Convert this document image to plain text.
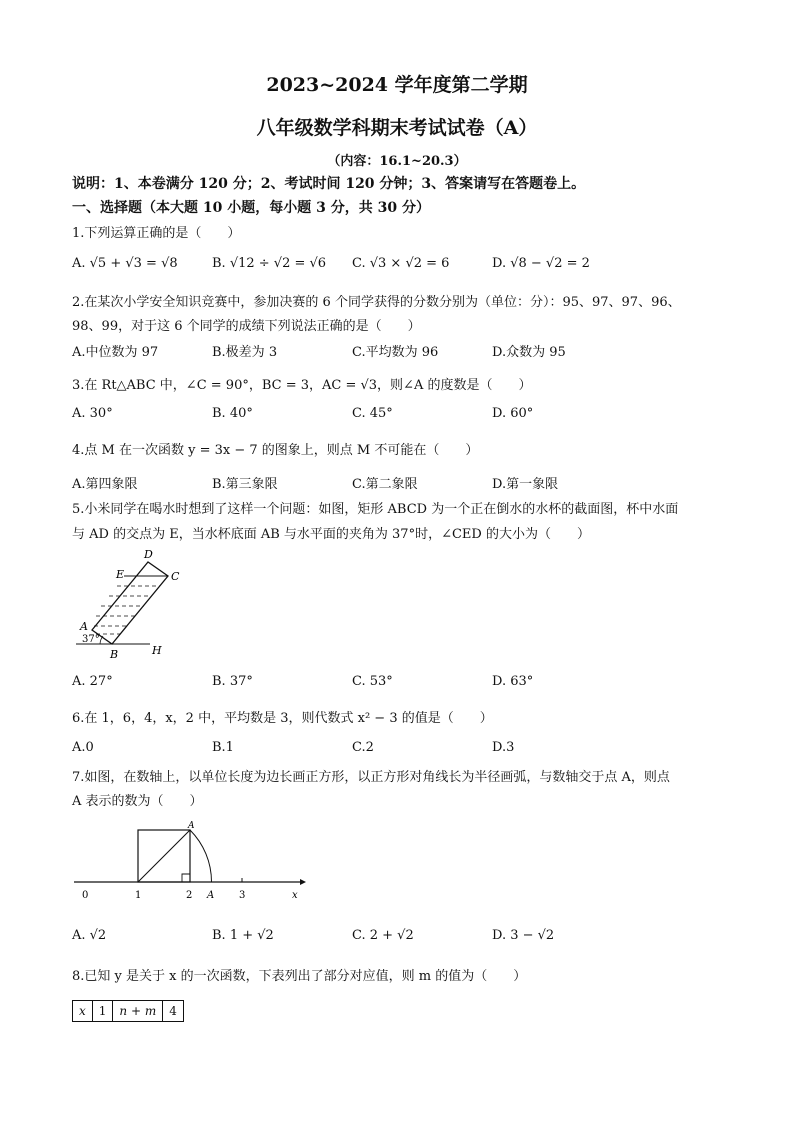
2023~2024 学年度第二学期
八年级数学科期末考试试卷（A）
（内容：16.1~20.3）
说明：1、本卷满分 120 分；2、考试时间 120 分钟；3、答案请写在答题卷上。
一、选择题（本大题 10 小题，每小题 3 分，共 30 分）
1.下列运算正确的是（　　）
A. √5 + √3 = √8	B. √12 ÷ √2 = √6 C. √3 × √2 = 6	D. √8 − √2 = 2
2.在某次小学安全知识竞赛中，参加决赛的 6 个同学获得的分数分别为（单位：分）：95、97、97、96、
98、99，对于这 6 个同学的成绩下列说法正确的是（　　）
A.中位数为 97	B.极差为 3	C.平均数为 96	D.众数为 95
3.在 Rt△ABC 中，∠C = 90°，BC = 3，AC = √3，则∠A 的度数是（　　）
A. 30°	B. 40°	C. 45°	D. 60°
4.点 M 在一次函数 y = 3x − 7 的图象上，则点 M 不可能在（　　）
A.第四象限	B.第三象限	C.第二象限	D.第一象限
5.小米同学在喝水时想到了这样一个问题：如图，矩形 ABCD 为一个正在倒水的水杯的截面图，杯中水面
与 AD 的交点为 E，当水杯底面 AB 与水平面的夹角为 37°时，∠CED 的大小为（　　）
D
E	C
A
B	H
37°
A. 27°	B. 37°	C. 53°	D. 63°
6.在 1，6，4，x，2 中，平均数是 3，则代数式 x² − 3 的值是（　　）
A.0	B.1	C.2	D.3
7.如图，在数轴上，以单位长度为边长画正方形，以正方形对角线长为半径画弧，与数轴交于点 A，则点
A 表示的数为（　　）
0	1	2 A 3	x
A
A. √2	B. 1 + √2	C. 2 + √2	D. 3 − √2
8.已知 y 是关于 x 的一次函数，下表列出了部分对应值，则 m 的值为（　　）
x	1	n + m	4
